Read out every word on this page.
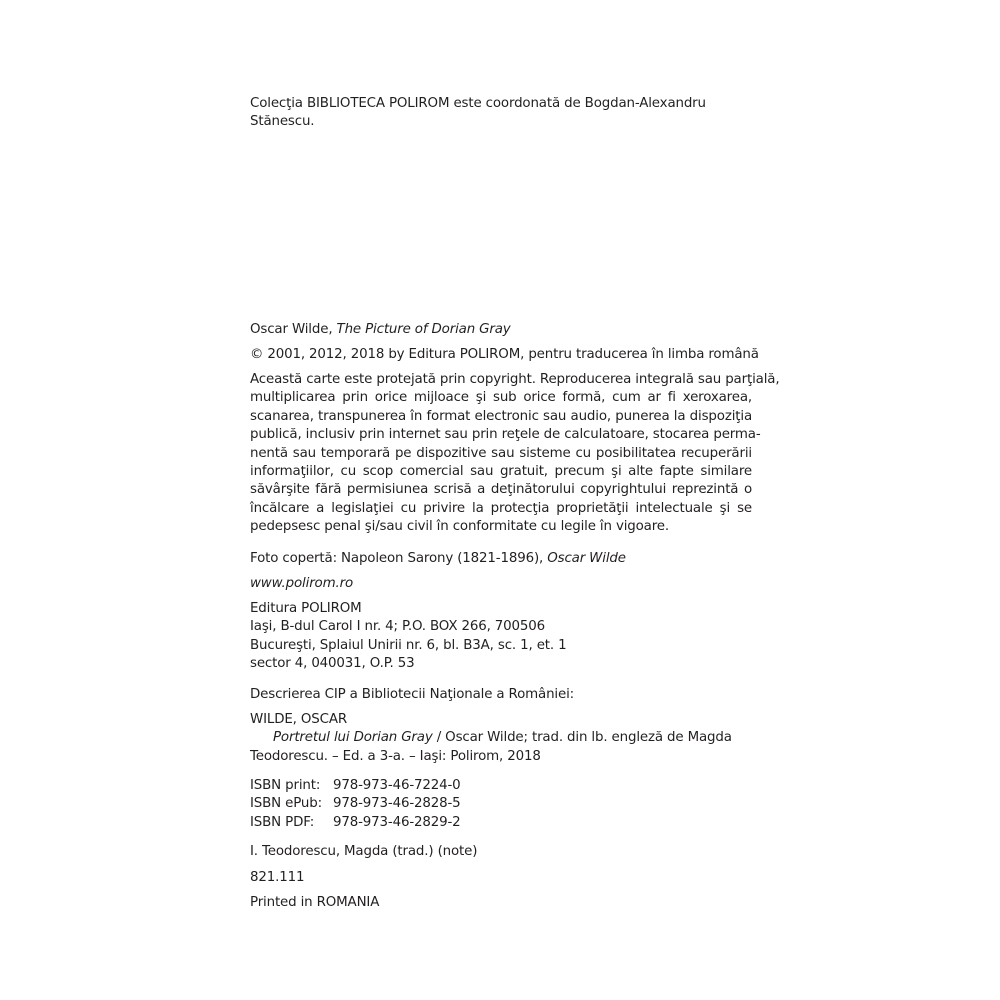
Colecţia BIBLIOTECA POLIROM este coordonată de Bogdan-Alexandru
Stănescu.
Oscar Wilde, The Picture of Dorian Gray
© 2001, 2012, 2018 by Editura POLIROM, pentru traducerea în limba română
Această carte este protejată prin copyright. Reproducerea integrală sau parţială,
multiplicarea prin orice mijloace şi sub orice formă, cum ar fi xeroxarea,
scanarea, transpunerea în format electronic sau audio, punerea la dispoziţia
publică, inclusiv prin internet sau prin reţele de calculatoare, stocarea perma-
nentă sau temporară pe dispozitive sau sisteme cu posibilitatea recuperării
informaţiilor, cu scop comercial sau gratuit, precum şi alte fapte similare
săvârşite fără permisiunea scrisă a deţinătorului copyrightului reprezintă o
încălcare a legislaţiei cu privire la protecţia proprietăţii intelectuale şi se
pedepsesc penal şi/sau civil în conformitate cu legile în vigoare.
Foto copertă: Napoleon Sarony (1821-1896), Oscar Wilde
www.polirom.ro
Editura POLIROM
Iaşi, B-dul Carol I nr. 4; P.O. BOX 266, 700506
Bucureşti, Splaiul Unirii nr. 6, bl. B3A, sc. 1, et. 1
sector 4, 040031, O.P. 53
Descrierea CIP a Bibliotecii Naţionale a României:
WILDE, OSCAR
Portretul lui Dorian Gray / Oscar Wilde; trad. din lb. engleză de Magda
Teodorescu. – Ed. a 3-a. – Iaşi: Polirom, 2018
ISBN print: 978-973-46-7224-0
ISBN ePub: 978-973-46-2828-5
ISBN PDF: 978-973-46-2829-2
I. Teodorescu, Magda (trad.) (note)
821.111
Printed in ROMANIA
